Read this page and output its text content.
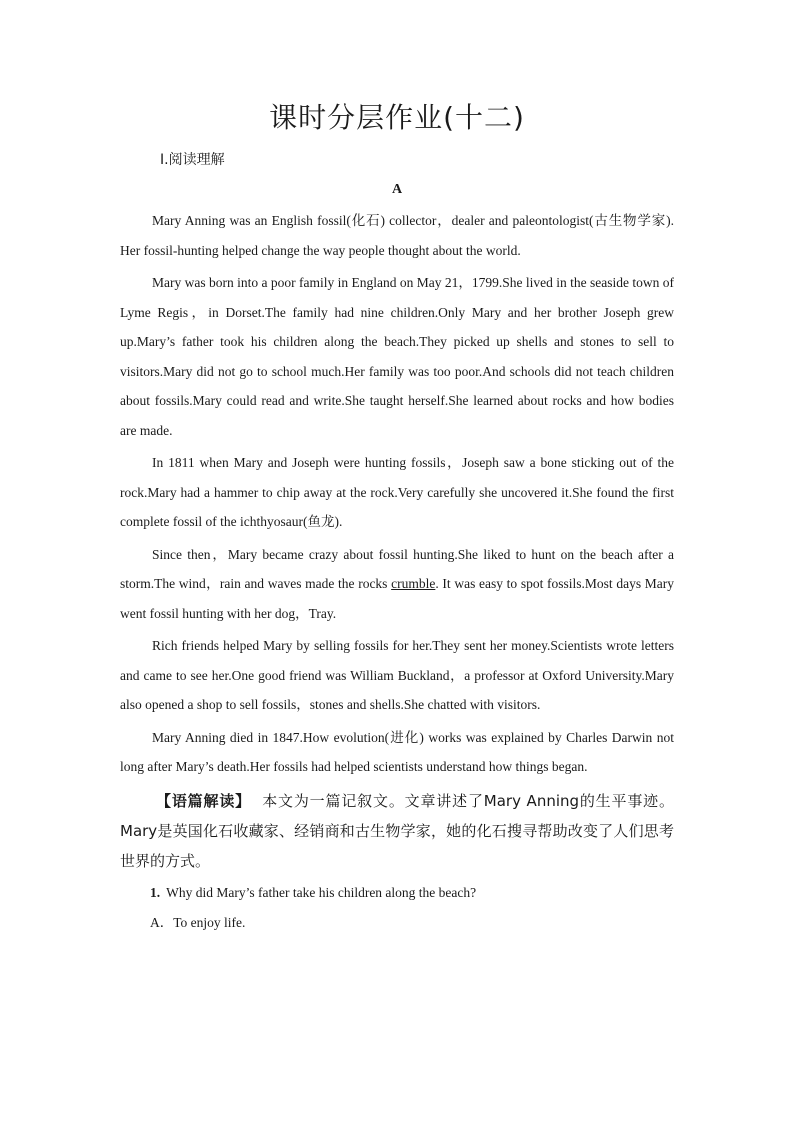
课时分层作业(十二)
Ⅰ.阅读理解
A

Mary Anning was an English fossil(化石) collector，dealer and paleontologist(古生物学家). Her fossil-hunting helped change the way people thought about the world.

Mary was born into a poor family in England on May 21，1799.She lived in the seaside town of Lyme Regis，in Dorset.The family had nine children.Only Mary and her brother Joseph grew up.Mary’s father took his children along the beach.They picked up shells and stones to sell to visitors.Mary did not go to school much.Her family was too poor.And schools did not teach children about fossils.Mary could read and write.She taught herself.She learned about rocks and how bodies are made.

In 1811 when Mary and Joseph were hunting fossils，Joseph saw a bone sticking out of the rock.Mary had a hammer to chip away at the rock.Very carefully she uncovered it.She found the first complete fossil of the ichthyosaur(鱼龙).

Since then，Mary became crazy about fossil hunting.She liked to hunt on the beach after a storm.The wind，rain and waves made the rocks crumble. It was easy to spot fossils.Most days Mary went fossil hunting with her dog，Tray.

Rich friends helped Mary by selling fossils for her.They sent her money.Scientists wrote letters and came to see her.One good friend was William Buckland，a professor at Oxford University.Mary also opened a shop to sell fossils，stones and shells.She chatted with visitors.

Mary Anning died in 1847.How evolution(进化) works was explained by Charles Darwin not long after Mary’s death.Her fossils had helped scientists understand how things began.

【语篇解读】 本文为一篇记叙文。文章讲述了Mary Anning的生平事迹。Mary是英国化石收藏家、经销商和古生物学家，她的化石搜寻帮助改变了人们思考世界的方式。

1. Why did Mary’s father take his children along the beach?

A．To enjoy life.
